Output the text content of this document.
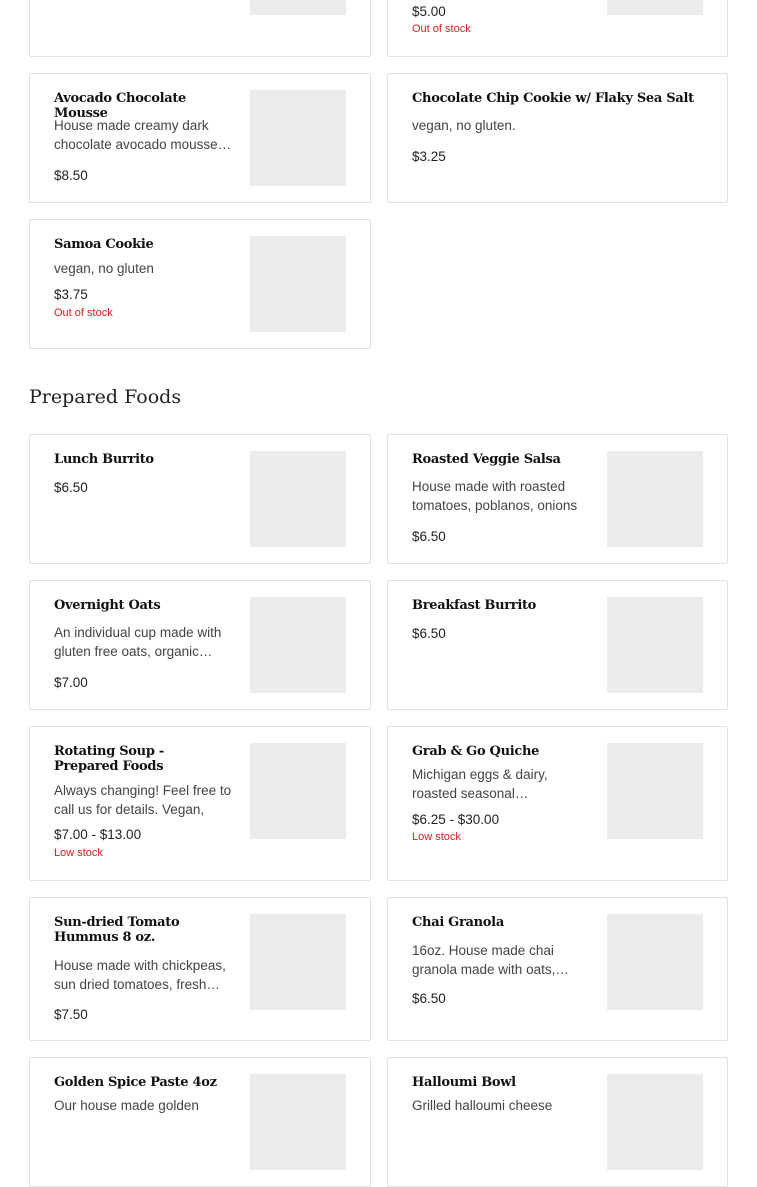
$5.00
Out of stock
Avocado Chocolate Mousse
House made creamy dark chocolate avocado mousse
$8.50
Chocolate Chip Cookie w/ Flaky Sea Salt
vegan, no gluten.
$3.25
Samoa Cookie
vegan, no gluten
$3.75
Out of stock
Prepared Foods
Lunch Burrito
$6.50
Roasted Veggie Salsa
House made with roasted tomatoes, poblanos, onions
$6.50
Overnight Oats
An individual cup made with gluten free oats, organic
$7.00
Breakfast Burrito
$6.50
Rotating Soup - Prepared Foods
Always changing! Feel free to call us for details. Vegan,
$7.00 - $13.00
Low stock
Grab & Go Quiche
Michigan eggs & dairy, roasted seasonal
$6.25 - $30.00
Low stock
Sun-dried Tomato Hummus 8 oz.
House made with chickpeas, sun dried tomatoes, fresh
$7.50
Chai Granola
16oz. House made chai granola made with oats,
$6.50
Golden Spice Paste 4oz
Our house made golden
Halloumi Bowl
Grilled halloumi cheese
